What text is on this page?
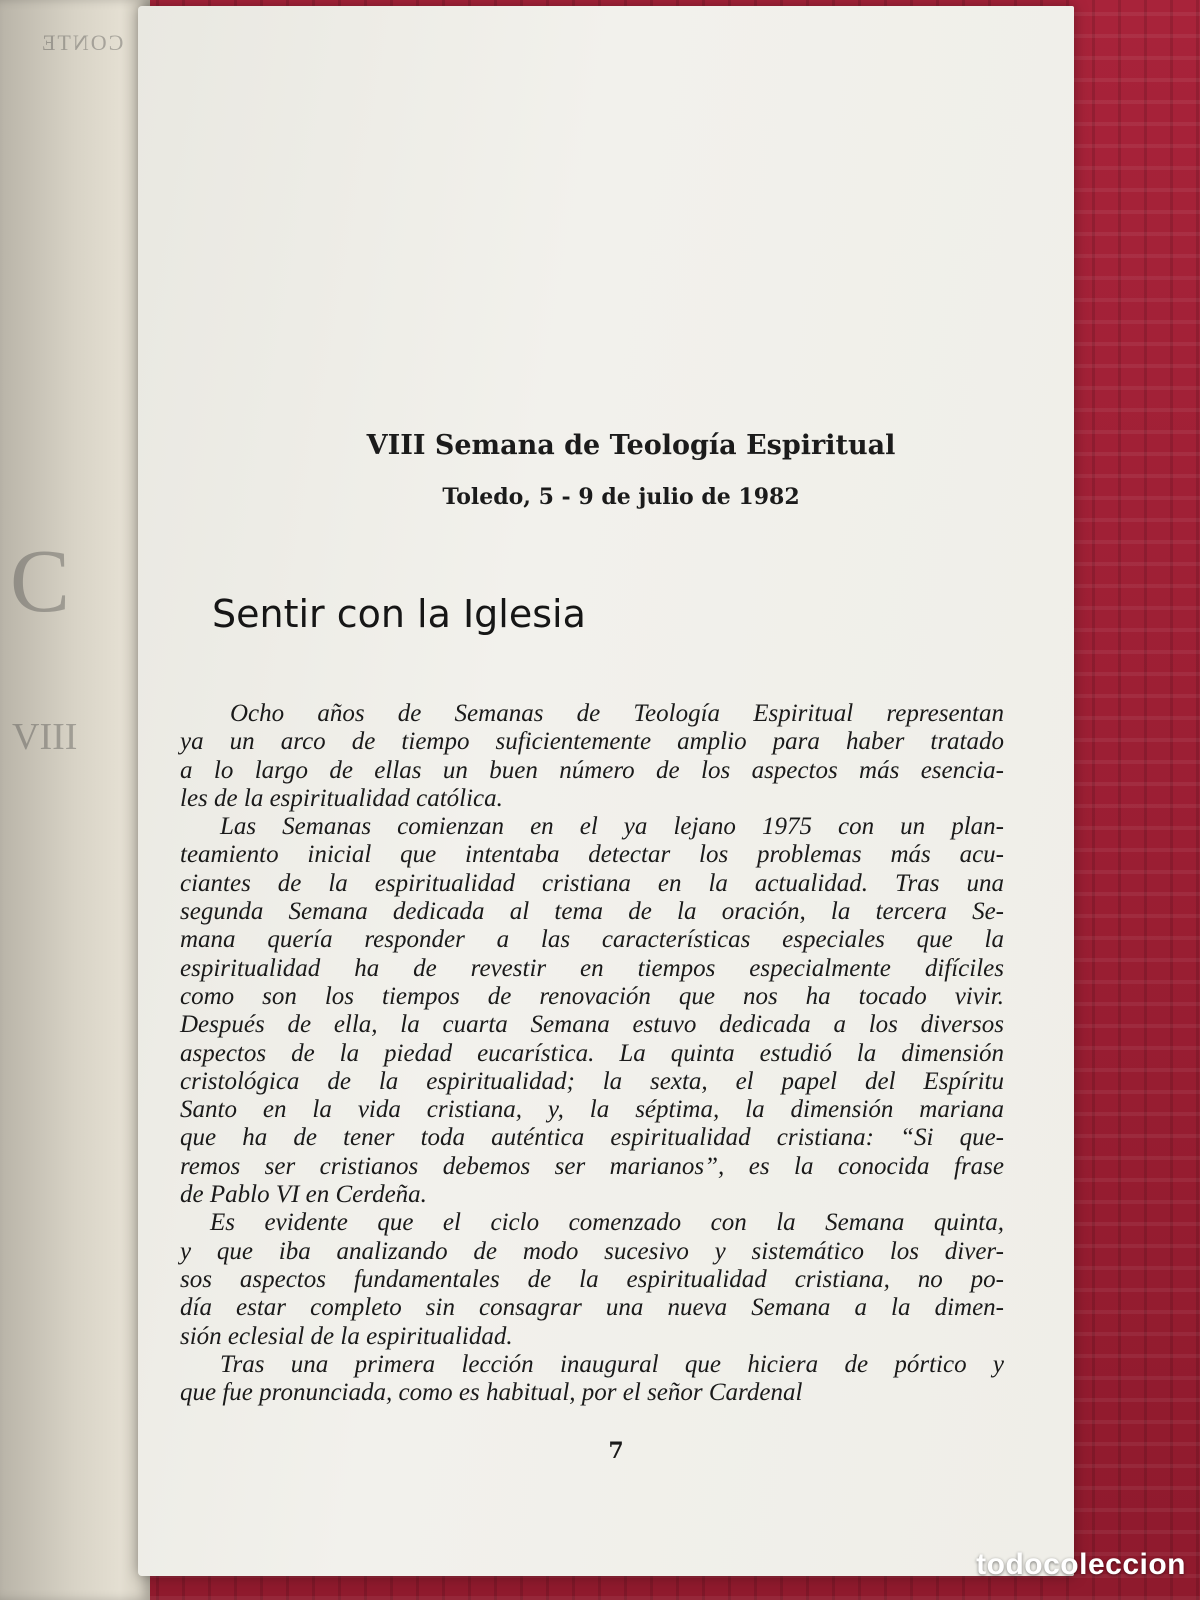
CONTE
C
VIII
VIII Semana de Teología Espiritual
Toledo, 5 - 9 de julio de 1982
Sentir con la Iglesia
Ocho años de Semanas de Teología Espiritual representan
ya un arco de tiempo suficientemente amplio para haber tratado
a lo largo de ellas un buen número de los aspectos más esencia-
les de la espiritualidad católica.
Las Semanas comienzan en el ya lejano 1975 con un plan-
teamiento inicial que intentaba detectar los problemas más acu-
ciantes de la espiritualidad cristiana en la actualidad. Tras una
segunda Semana dedicada al tema de la oración, la tercera Se-
mana quería responder a las características especiales que la
espiritualidad ha de revestir en tiempos especialmente difíciles
como son los tiempos de renovación que nos ha tocado vivir.
Después de ella, la cuarta Semana estuvo dedicada a los diversos
aspectos de la piedad eucarística. La quinta estudió la dimensión
cristológica de la espiritualidad; la sexta, el papel del Espíritu
Santo en la vida cristiana, y, la séptima, la dimensión mariana
que ha de tener toda auténtica espiritualidad cristiana: “Si que-
remos ser cristianos debemos ser marianos”, es la conocida frase
de Pablo VI en Cerdeña.
Es evidente que el ciclo comenzado con la Semana quinta,
y que iba analizando de modo sucesivo y sistemático los diver-
sos aspectos fundamentales de la espiritualidad cristiana, no po-
día estar completo sin consagrar una nueva Semana a la dimen-
sión eclesial de la espiritualidad.
Tras una primera lección inaugural que hiciera de pórtico y
que fue pronunciada, como es habitual, por el señor Cardenal
7
todocoleccion
